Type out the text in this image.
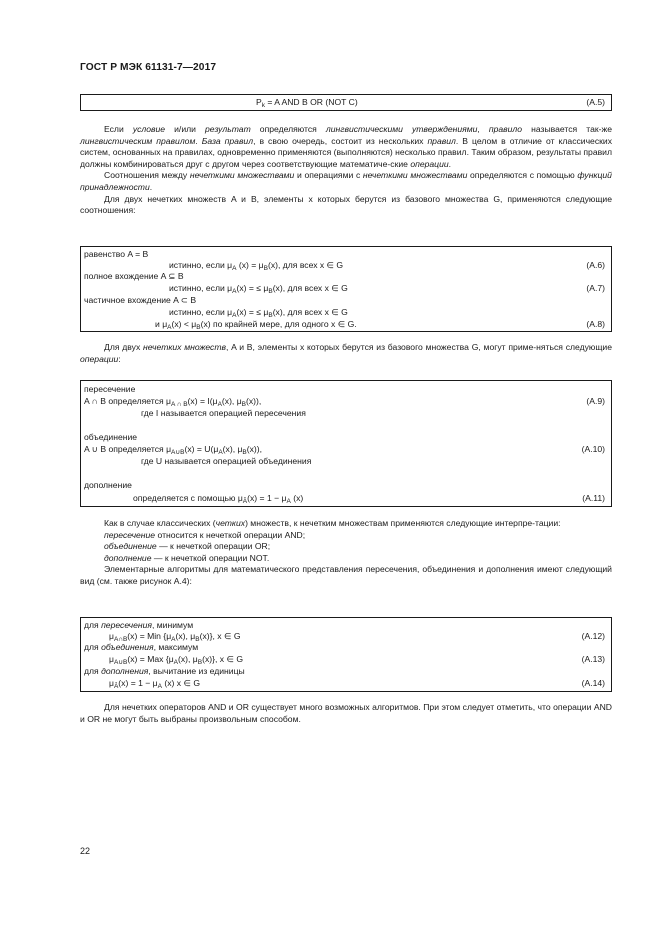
ГОСТ Р МЭК 61131-7—2017
$P_k = A$ AND B OR (NOT C)	(A.5)

Если условие и/или результат определяются лингвистическими утверждениями, правило называется так-же лингвистическим правилом. База правил, в свою очередь, состоит из нескольких правил. В целом в отличие от классических систем, основанных на правилах, одновременно применяются (выполняются) несколько правил. Таким образом, результаты правил должны комбинироваться друг с другом через соответствующие математиче-ские операции.

Соотношения между нечеткими множествами и операциями с нечеткими множествами определяются с помощью функций принадлежности.

Для двух нечетких множеств A и B, элементы x которых берутся из базового множества G, применяются следующие соотношения:

равенство A = B
истинно, если $\mu_A$ $(x) = \mu_B(x)$, для всех x ∈ G	(A.6)
полное вхождение A ⊆ B
истинно, если $\mu_A(x)$ = ≤ $\mu_B(x)$, для всех x ∈ G	(A.7)
частичное вхождение A ⊂ B
истинно, если $\mu_A(x)$ = ≤ $\mu_B(x)$, для всех x ∈ G
и $\mu_A(x) < \mu_B(x)$ по крайней мере, для одного x ∈ G.	(A.8)

Для двух нечетких множеств, A и B, элементы x которых берутся из базового множества G, могут приме-няться следующие операции:

пересечение
A ∩ B определяется $\mu_{A \cap B}(x) = I(\mu_A(x)$, $\mu_B(x)$),	(A.9)
где I называется операцией пересечения
объединение
A ∪ B определяется $\mu_{A\cup B}(x) = U(\mu_A(x)$, $\mu_B(x)$),	(A.10)
где U называется операцией объединения
дополнение
определяется с помощью $\mu_Ā(x) = 1 - \mu_A$ (x)	(A.11)

Как в случае классических (четких) множеств, к нечетким множествам применяются следующие интерпре-тации:

пересечение относится к нечеткой операции AND;

объединение — к нечеткой операции OR;

дополнение — к нечеткой операции NOT.

Элементарные алгоритмы для математического представления пересечения, объединения и дополнения имеют следующий вид (см. также рисунок A.4):

для пересечения, минимум
$\mu_{A\cap B}(x)$ = Min {$\mu_A(x)$, $\mu_B(x)$}, x ∈ G	(A.12)
для объединения, максимум
$\mu_{A\cup B}(x)$ = Max {$\mu_A(x)$, $\mu_B(x)$}, x ∈ G	(A.13)
для дополнения, вычитание из единицы
$\mu_Ā(x) = 1 - \mu_A$ (x) x ∈ G	(A.14)

Для нечетких операторов AND и OR существует много возможных алгоритмов. При этом следует отметить, что операции AND и OR не могут быть выбраны произвольным способом.

22
